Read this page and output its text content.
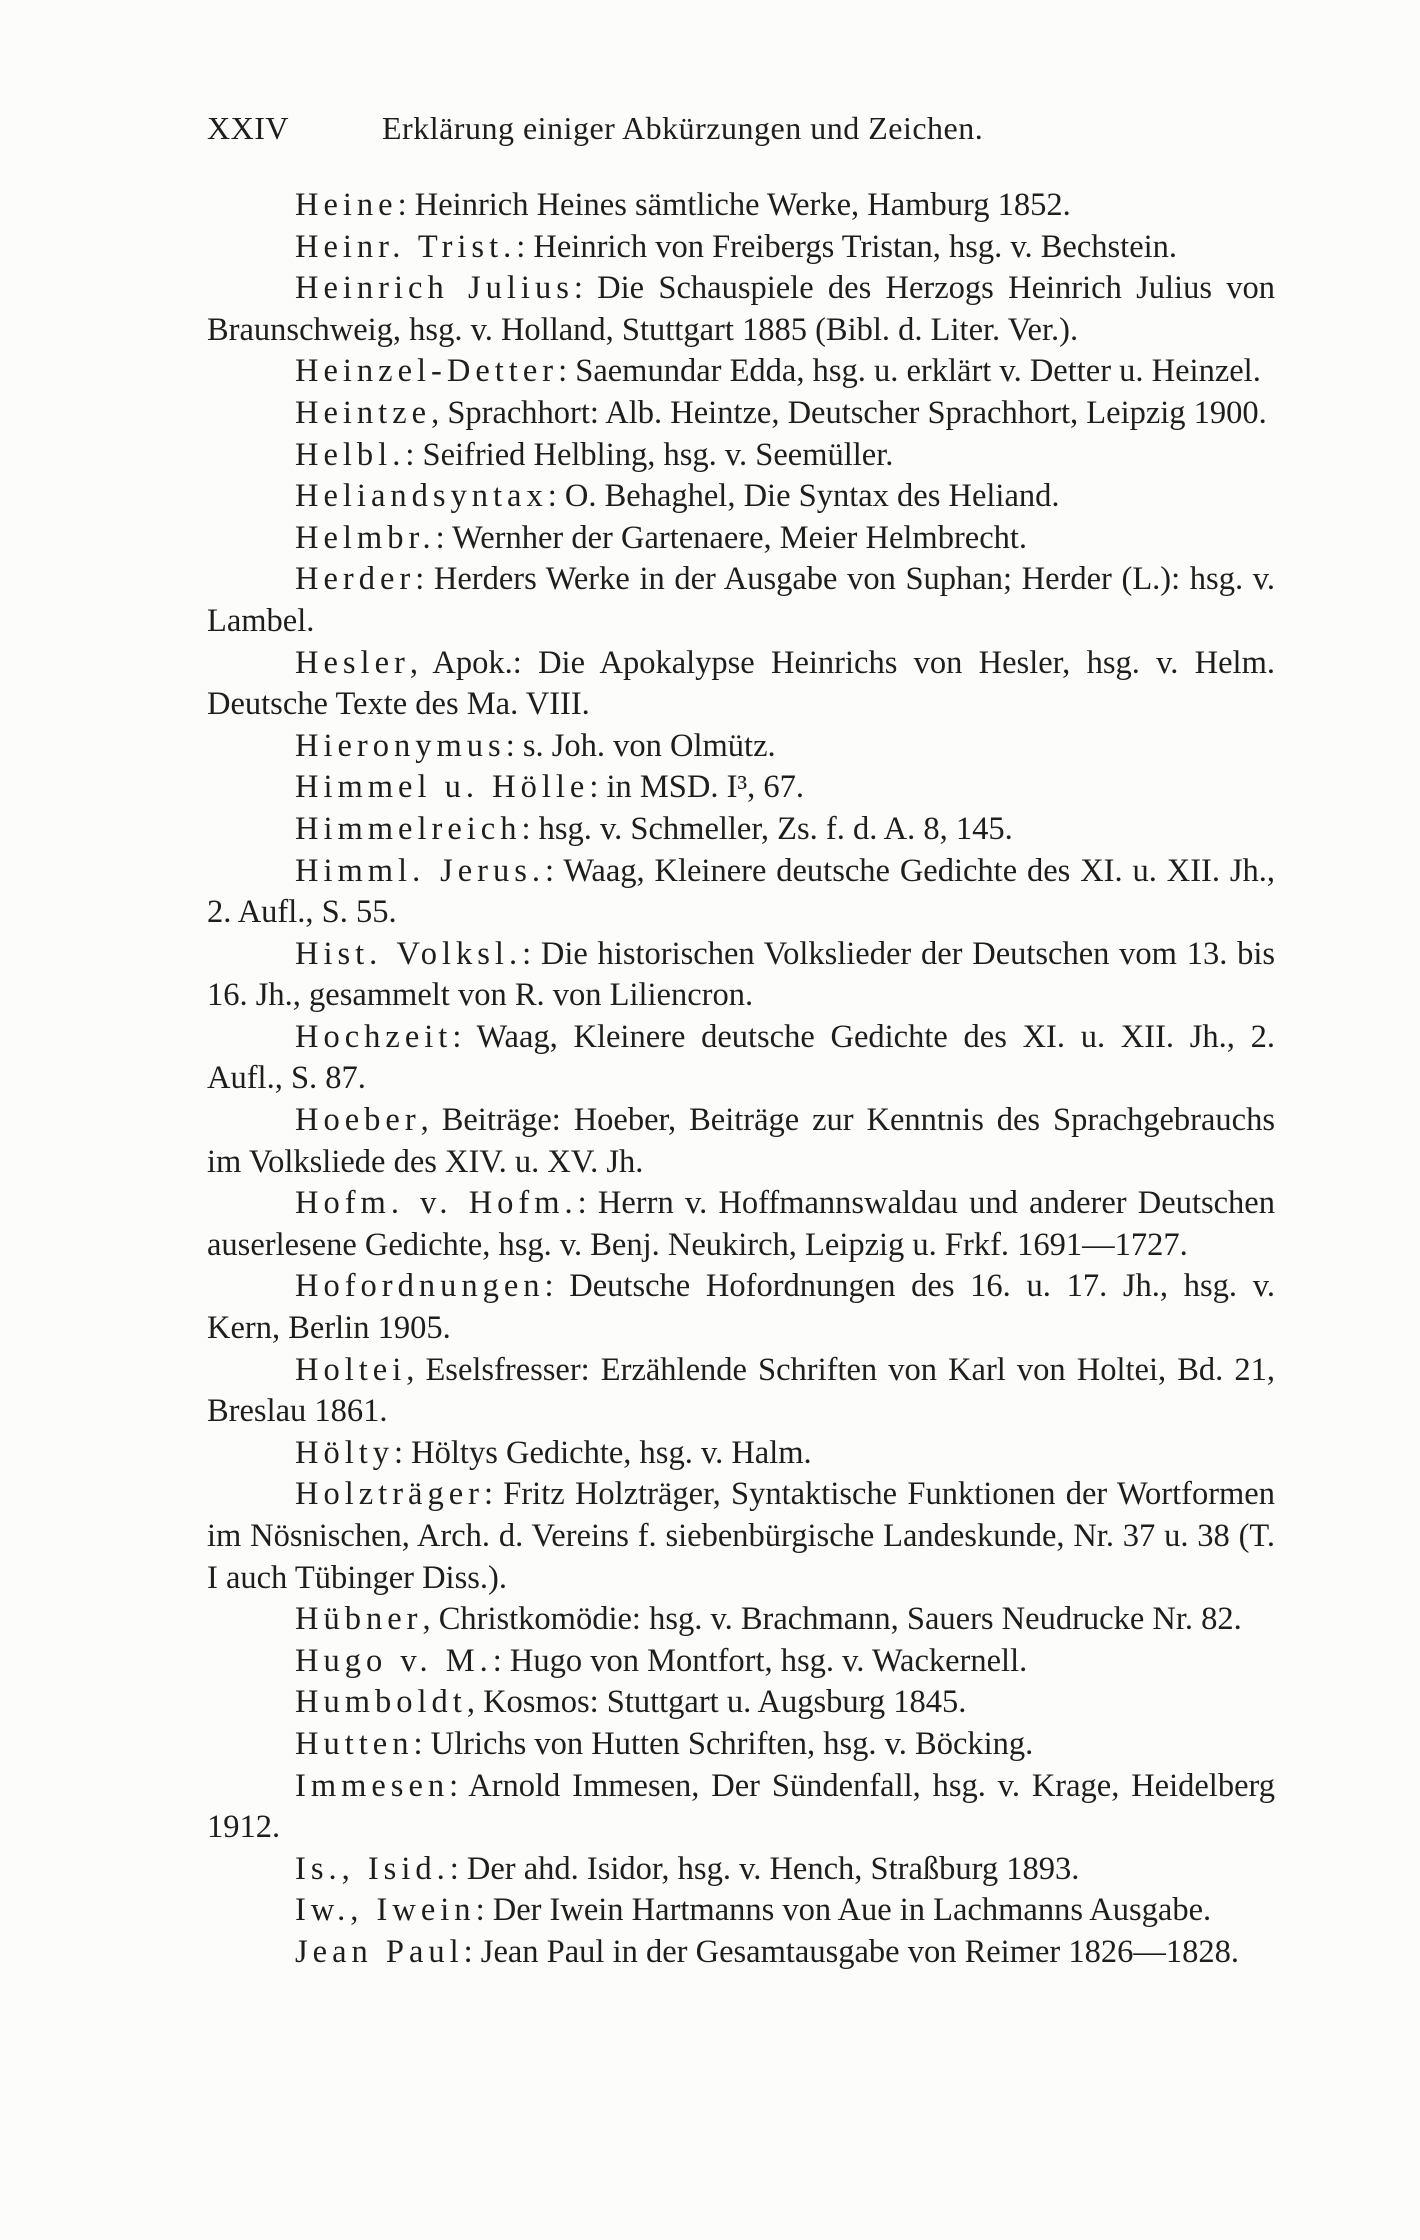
XXIV	Erklärung einiger Abkürzungen und Zeichen.

Heine: Heinrich Heines sämtliche Werke, Hamburg 1852.

Heinr. Trist.: Heinrich von Freibergs Tristan, hsg. v. Bechstein.

Heinrich Julius: Die Schauspiele des Herzogs Heinrich Julius von Braunschweig, hsg. v. Holland, Stuttgart 1885 (Bibl. d. Liter. Ver.).

Heinzel-Detter: Saemundar Edda, hsg. u. erklärt v. Detter u. Heinzel.

Heintze, Sprachhort: Alb. Heintze, Deutscher Sprachhort, Leipzig 1900.

Helbl.: Seifried Helbling, hsg. v. Seemüller.

Heliandsyntax: O. Behaghel, Die Syntax des Heliand.

Helmbr.: Wernher der Gartenaere, Meier Helmbrecht.

Herder: Herders Werke in der Ausgabe von Suphan; Herder (L.): hsg. v. Lambel.

Hesler, Apok.: Die Apokalypse Heinrichs von Hesler, hsg. v. Helm. Deutsche Texte des Ma. VIII.

Hieronymus: s. Joh. von Olmütz.

Himmel u. Hölle: in MSD. I³, 67.

Himmelreich: hsg. v. Schmeller, Zs. f. d. A. 8, 145.

Himml. Jerus.: Waag, Kleinere deutsche Gedichte des XI. u. XII. Jh., 2. Aufl., S. 55.

Hist. Volksl.: Die historischen Volkslieder der Deutschen vom 13. bis 16. Jh., gesammelt von R. von Liliencron.

Hochzeit: Waag, Kleinere deutsche Gedichte des XI. u. XII. Jh., 2. Aufl., S. 87.

Hoeber, Beiträge: Hoeber, Beiträge zur Kenntnis des Sprachgebrauchs im Volksliede des XIV. u. XV. Jh.

Hofm. v. Hofm.: Herrn v. Hoffmannswaldau und anderer Deutschen auserlesene Gedichte, hsg. v. Benj. Neukirch, Leipzig u. Frkf. 1691—1727.

Hofordnungen: Deutsche Hofordnungen des 16. u. 17. Jh., hsg. v. Kern, Berlin 1905.

Holtei, Eselsfresser: Erzählende Schriften von Karl von Holtei, Bd. 21, Breslau 1861.

Hölty: Höltys Gedichte, hsg. v. Halm.

Holzträger: Fritz Holzträger, Syntaktische Funktionen der Wortformen im Nösnischen, Arch. d. Vereins f. siebenbürgische Landeskunde, Nr. 37 u. 38 (T. I auch Tübinger Diss.).

Hübner, Christkomödie: hsg. v. Brachmann, Sauers Neudrucke Nr. 82.

Hugo v. M.: Hugo von Montfort, hsg. v. Wackernell.

Humboldt, Kosmos: Stuttgart u. Augsburg 1845.

Hutten: Ulrichs von Hutten Schriften, hsg. v. Böcking.

Immesen: Arnold Immesen, Der Sündenfall, hsg. v. Krage, Heidelberg 1912.

Is., Isid.: Der ahd. Isidor, hsg. v. Hench, Straßburg 1893.

Iw., Iwein: Der Iwein Hartmanns von Aue in Lachmanns Ausgabe.

Jean Paul: Jean Paul in der Gesamtausgabe von Reimer 1826—1828.
